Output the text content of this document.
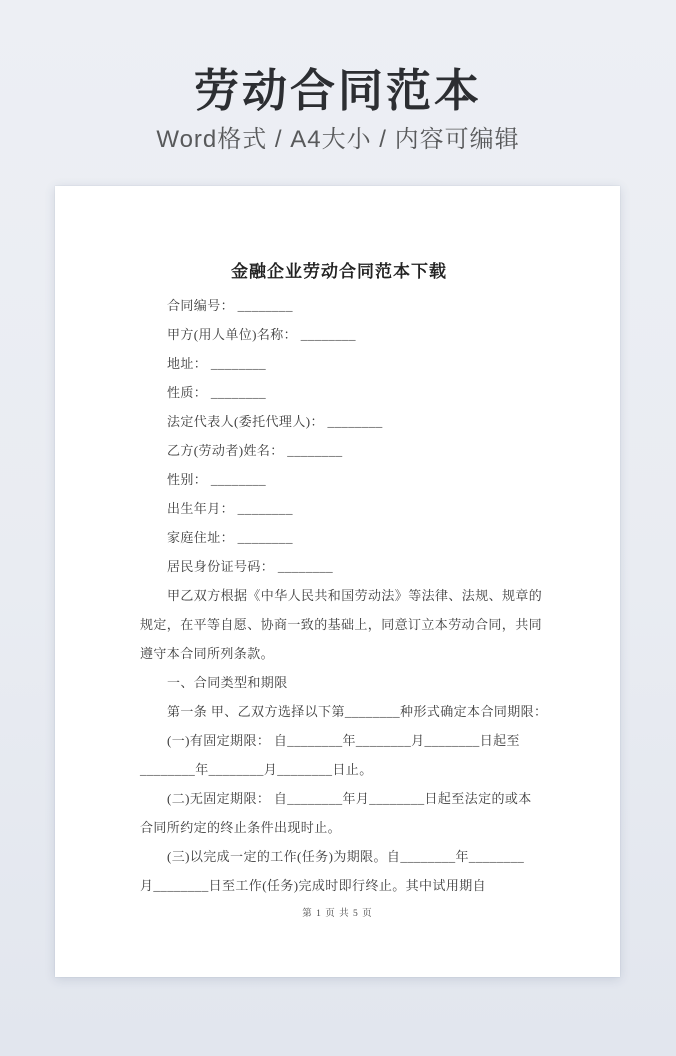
劳动合同范本

Word格式 / A4大小 / 内容可编辑

金融企业劳动合同范本下载
合同编号： ________
甲方(用人单位)名称： ________
地址： ________
性质： ________
法定代表人(委托代理人)： ________
乙方(劳动者)姓名： ________
性别： ________
出生年月： ________
家庭住址： ________
居民身份证号码： ________
甲乙双方根据《中华人民共和国劳动法》等法律、法规、规章的
规定，在平等自愿、协商一致的基础上，同意订立本劳动合同，共同
遵守本合同所列条款。
一、合同类型和期限
第一条 甲、乙双方选择以下第________种形式确定本合同期限：
(一)有固定期限： 自________年________月________日起至
________年________月________日止。
(二)无固定期限： 自________年月________日起至法定的或本
合同所约定的终止条件出现时止。
(三)以完成一定的工作(任务)为期限。自________年________
月________日至工作(任务)完成时即行终止。其中试用期自
第 1 页 共 5 页
